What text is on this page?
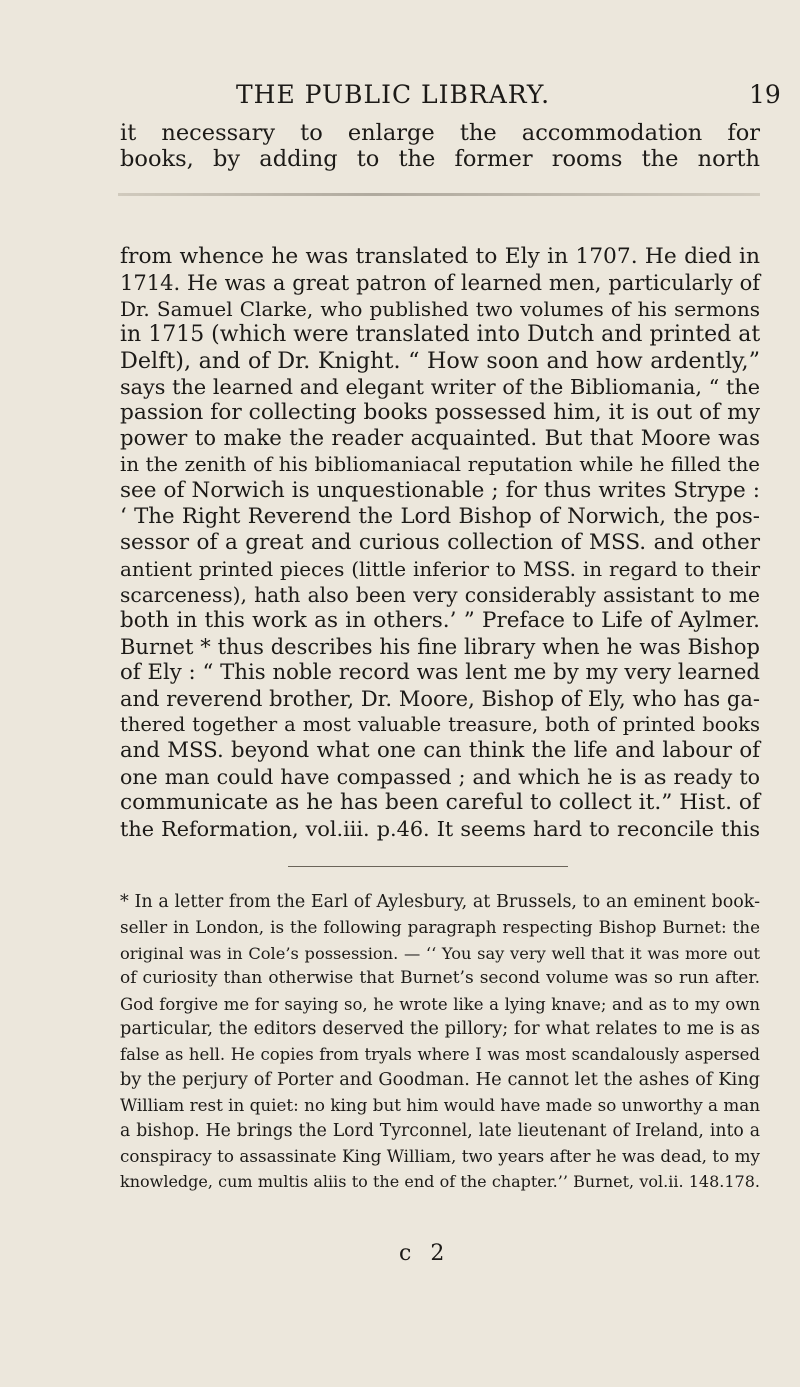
THE PUBLIC LIBRARY.	19
it necessary to enlarge the accommodation for
books, by adding to the former rooms the north
from whence he was translated to Ely in 1707. He died in
1714. He was a great patron of learned men, particularly of
Dr. Samuel Clarke, who published two volumes of his sermons
in 1715 (which were translated into Dutch and printed at
Delft), and of Dr. Knight. “ How soon and how ardently,”
says the learned and elegant writer of the Bibliomania, “ the
passion for collecting books possessed him, it is out of my
power to make the reader acquainted. But that Moore was
in the zenith of his bibliomaniacal reputation while he filled the
see of Norwich is unquestionable ; for thus writes Strype :
‘ The Right Reverend the Lord Bishop of Norwich, the pos-
sessor of a great and curious collection of MSS. and other
antient printed pieces (little inferior to MSS. in regard to their
scarceness), hath also been very considerably assistant to me
both in this work as in others.’ ” Preface to Life of Aylmer.
Burnet * thus describes his fine library when he was Bishop
of Ely : “ This noble record was lent me by my very learned
and reverend brother, Dr. Moore, Bishop of Ely, who has ga-
thered together a most valuable treasure, both of printed books
and MSS. beyond what one can think the life and labour of
one man could have compassed ; and which he is as ready to
communicate as he has been careful to collect it.” Hist. of
the Reformation, vol.iii. p.46. It seems hard to reconcile this
* In a letter from the Earl of Aylesbury, at Brussels, to an eminent book-
seller in London, is the following paragraph respecting Bishop Burnet: the
original was in Cole’s possession. — ‘‘ You say very well that it was more out
of curiosity than otherwise that Burnet’s second volume was so run after.
God forgive me for saying so, he wrote like a lying knave; and as to my own
particular, the editors deserved the pillory; for what relates to me is as
false as hell. He copies from tryals where I was most scandalously aspersed
by the perjury of Porter and Goodman. He cannot let the ashes of King
William rest in quiet: no king but him would have made so unworthy a man
a bishop. He brings the Lord Tyrconnel, late lieutenant of Ireland, into a
conspiracy to assassinate King William, two years after he was dead, to my
knowledge, cum multis aliis to the end of the chapter.’’ Burnet, vol.ii. 148.178.
c 2
